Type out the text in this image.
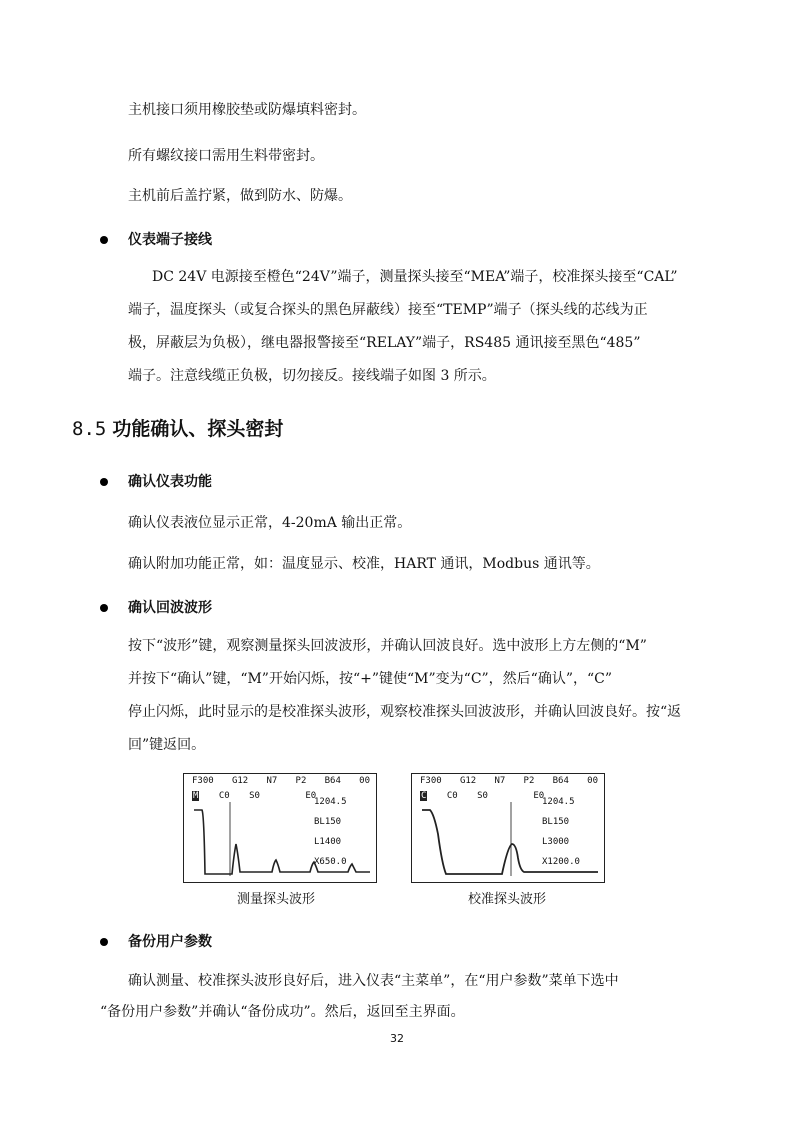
主机接口须用橡胶垫或防爆填料密封。
所有螺纹接口需用生料带密封。
主机前后盖拧紧，做到防水、防爆。
仪表端子接线
DC 24V 电源接至橙色“24V”端子，测量探头接至“MEA”端子，校准探头接至“CAL”
端子，温度探头（或复合探头的黑色屏蔽线）接至“TEMP”端子（探头线的芯线为正
极，屏蔽层为负极），继电器报警接至“RELAY”端子，RS485 通讯接至黑色“485”
端子。注意线缆正负极，切勿接反。接线端子如图 3 所示。
8.5 功能确认、探头密封
确认仪表功能
确认仪表液位显示正常，4-20mA 输出正常。
确认附加功能正常，如：温度显示、校准，HART 通讯，Modbus 通讯等。
确认回波波形
按下“波形”键，观察测量探头回波波形，并确认回波良好。选中波形上方左侧的“M”
并按下“确认”键，“M”开始闪烁，按“+”键使“M”变为“C”，然后“确认”，“C”
停止闪烁，此时显示的是校准探头波形，观察校准探头回波波形，并确认回波良好。按“返
回”键返回。
F300 G12 N7 P2 B64 00
M C0 S0	E0
1204.5
BL150
L1400
X650.0
测量探头波形
F300 G12 N7 P2 B64 00
C C0 S0	E0
1204.5
BL150
L3000
X1200.0
校准探头波形
备份用户参数
确认测量、校准探头波形良好后，进入仪表“主菜单”，在“用户参数”菜单下选中
“备份用户参数”并确认“备份成功”。然后，返回至主界面。
32
